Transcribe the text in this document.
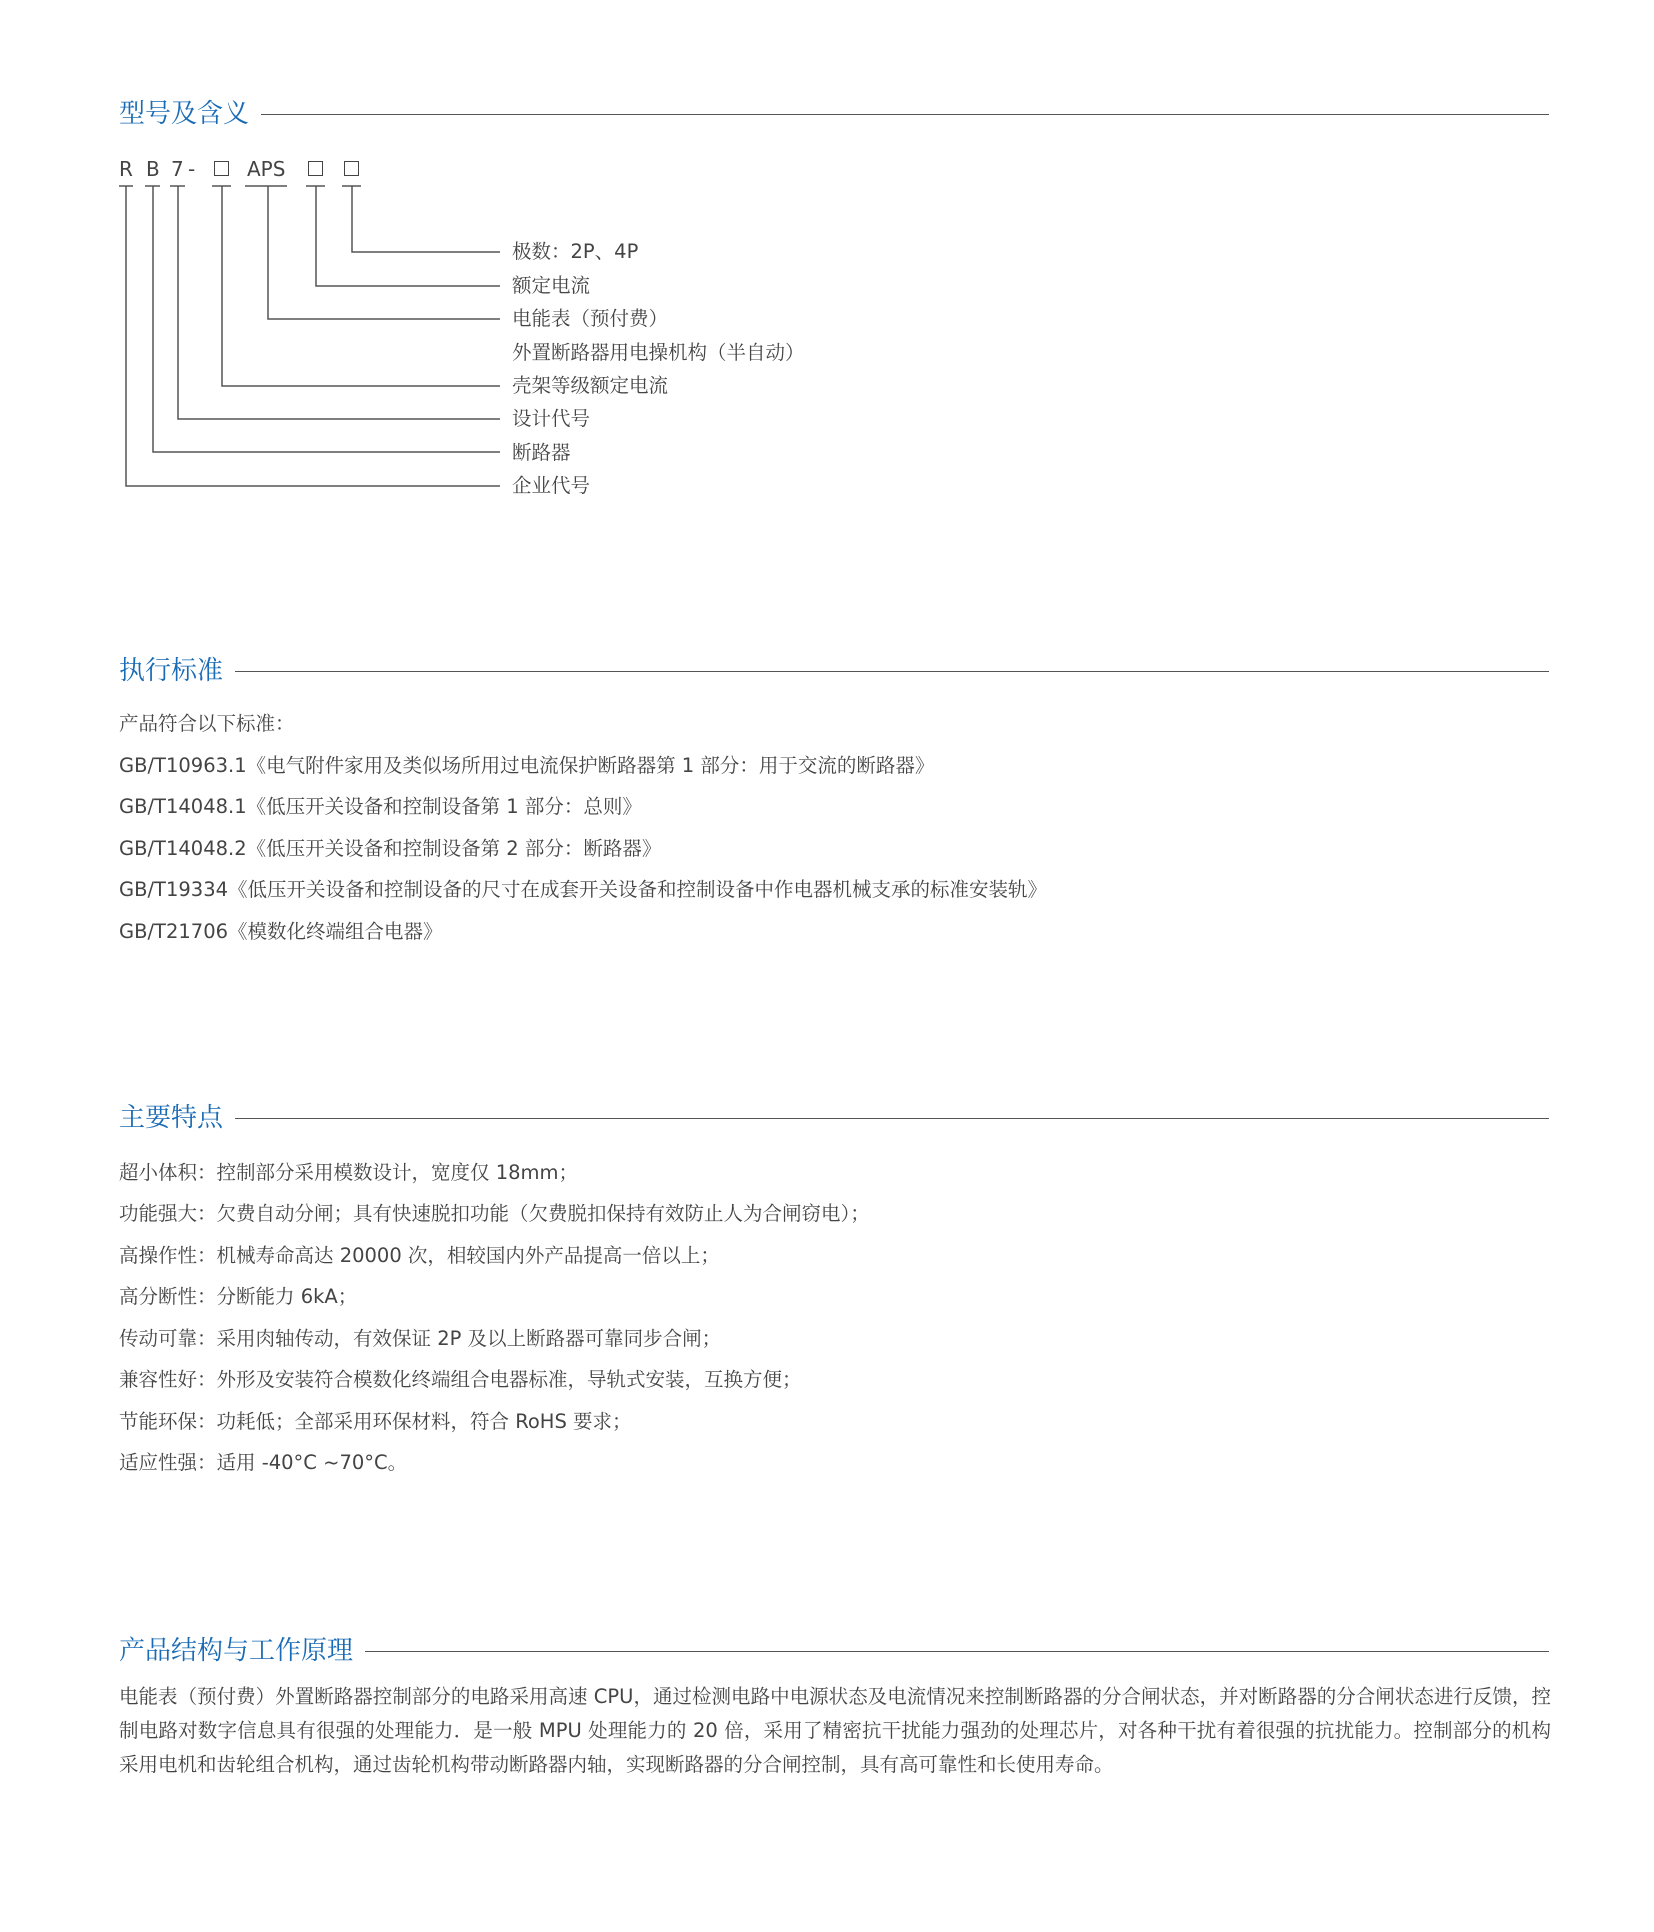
型号及含义
R B 7 -	APS
极数：2P、4P
额定电流
电能表（预付费）
外置断路器用电操机构（半自动）
壳架等级额定电流
设计代号
断路器
企业代号
执行标准
产品符合以下标准：
GB/T10963.1《电气附件家用及类似场所用过电流保护断路器第 1 部分：用于交流的断路器》
GB/T14048.1《低压开关设备和控制设备第 1 部分：总则》
GB/T14048.2《低压开关设备和控制设备第 2 部分：断路器》
GB/T19334《低压开关设备和控制设备的尺寸在成套开关设备和控制设备中作电器机械支承的标准安装轨》
GB/T21706《模数化终端组合电器》
主要特点
超小体积：控制部分采用模数设计，宽度仅 18mm；
功能强大：欠费自动分闸；具有快速脱扣功能（欠费脱扣保持有效防止人为合闸窃电）；
高操作性：机械寿命高达 20000 次，相较国内外产品提高一倍以上；
高分断性：分断能力 6kA；
传动可靠：采用肉轴传动，有效保证 2P 及以上断路器可靠同步合闸；
兼容性好：外形及安装符合模数化终端组合电器标准，导轨式安装，互换方便；
节能环保：功耗低；全部采用环保材料，符合 RoHS 要求；
适应性强：适用 -40°C ~70°C。
产品结构与工作原理
电能表（预付费）外置断路器控制部分的电路采用高速 CPU，通过检测电路中电源状态及电流情况来控制断路器的分合闸状态，并对断路器的分合闸状态进行反馈，控制电路对数字信息具有很强的处理能力．是一般 MPU 处理能力的 20 倍，采用了精密抗干扰能力强劲的处理芯片，对各种干扰有着很强的抗扰能力。控制部分的机构采用电机和齿轮组合机构，通过齿轮机构带动断路器内轴，实现断路器的分合闸控制，具有高可靠性和长使用寿命。
